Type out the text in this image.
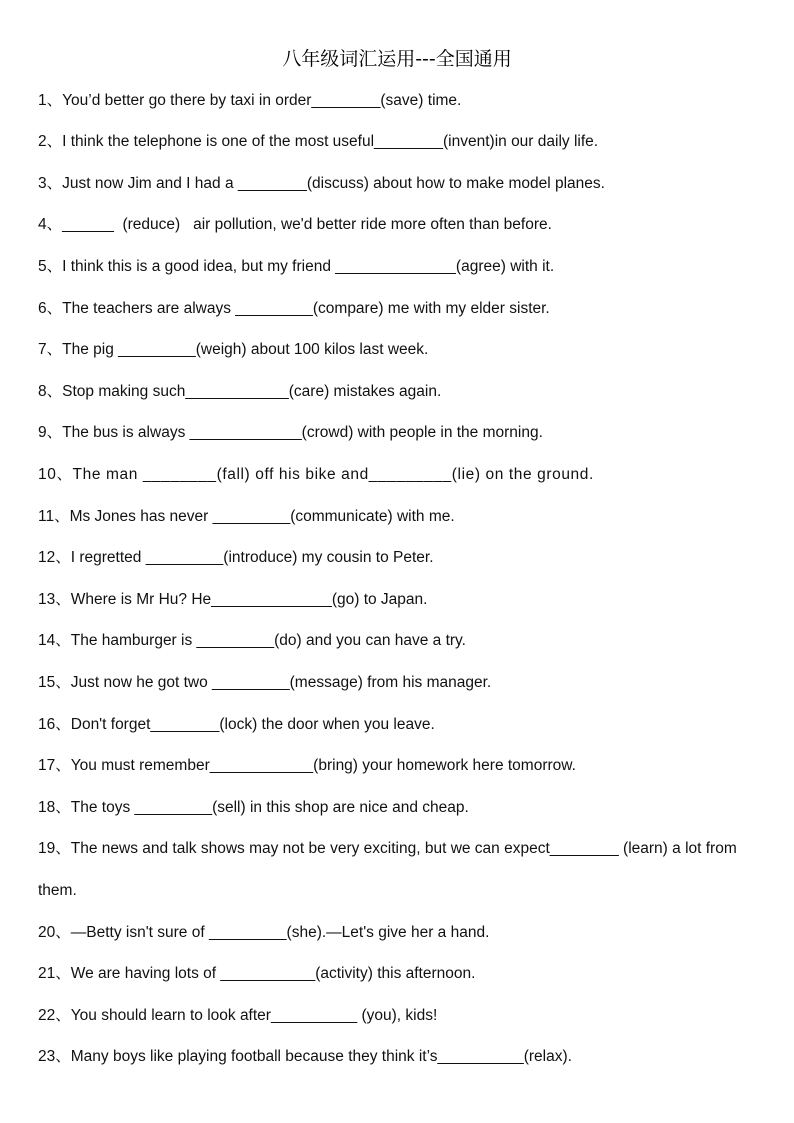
八年级词汇运用---全国通用
1、You’d better go there by taxi in order________(save) time.
2、I think the telephone is one of the most useful________(invent)in our daily life.
3、Just now Jim and I had a ________(discuss) about how to make model planes.
4、______  (reduce)   air pollution, we'd better ride more often than before.
5、I think this is a good idea, but my friend ______________(agree) with it.
6、The teachers are always _________(compare) me with my elder sister.
7、The pig _________(weigh) about 100 kilos last week.
8、Stop making such____________(care) mistakes again.
9、The bus is always _____________(crowd) with people in the morning.
10、The man ________(fall) off his bike and_________(lie) on the ground.
11、Ms Jones has never _________(communicate) with me.
12、I regretted _________(introduce) my cousin to Peter.
13、Where is Mr Hu? He______________(go) to Japan.
14、The hamburger is _________(do) and you can have a try.
15、Just now he got two _________(message) from his manager.
16、Don't forget________(lock) the door when you leave.
17、You must remember____________(bring) your homework here tomorrow.
18、The toys _________(sell) in this shop are nice and cheap.
19、The news and talk shows may not be very exciting, but we can expect________ (learn) a lot from them.
20、—Betty isn't sure of _________(she).—Let's give her a hand.
21、We are having lots of ___________(activity) this afternoon.
22、You should learn to look after__________ (you), kids!
23、Many boys like playing football because they think it’s__________(relax).
